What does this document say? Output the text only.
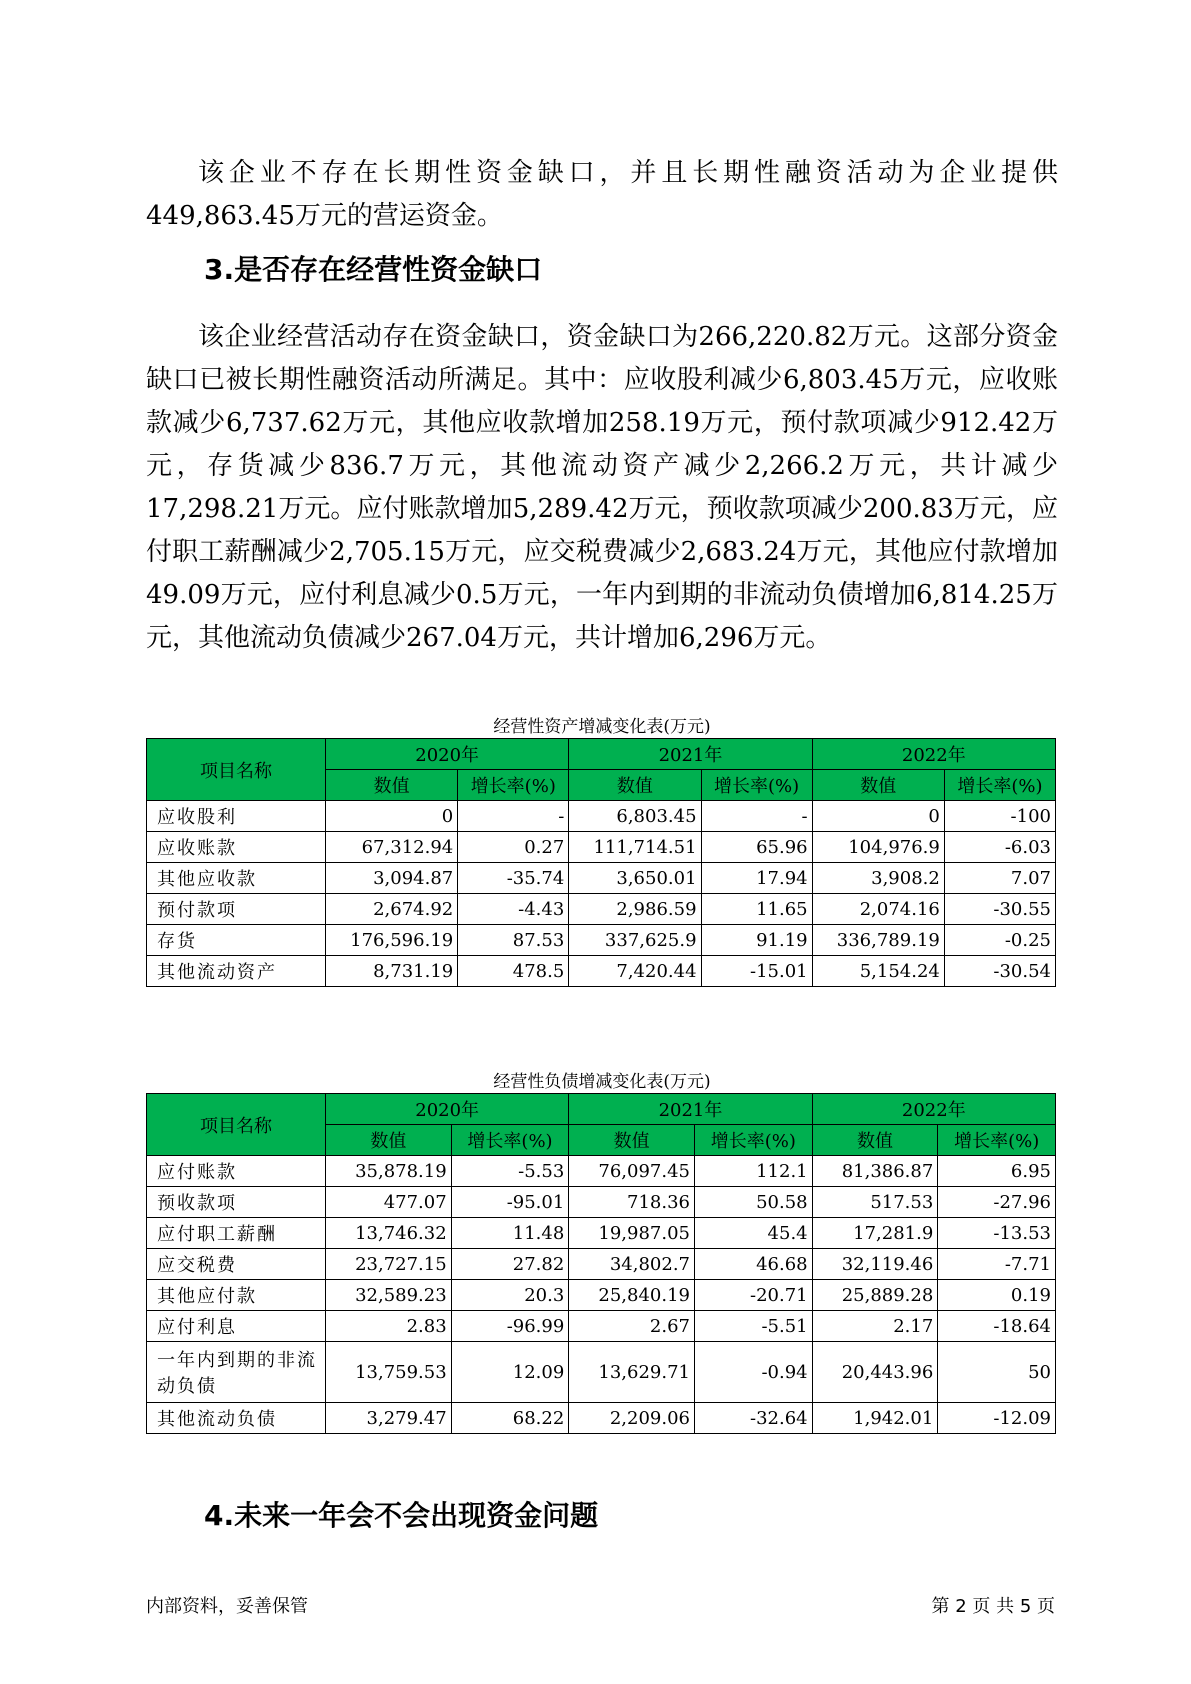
该企业不存在长期性资金缺口，并且长期性融资活动为企业提供449,863.45万元的营运资金。

3.是否存在经营性资金缺口

该企业经营活动存在资金缺口，资金缺口为266,220.82万元。这部分资金缺口已被长期性融资活动所满足。其中：应收股利减少6,803.45万元，应收账款减少6,737.62万元，其他应收款增加258.19万元，预付款项减少912.42万元，存货减少836.7万元，其他流动资产减少2,266.2万元，共计减少17,298.21万元。应付账款增加5,289.42万元，预收款项减少200.83万元，应付职工薪酬减少2,705.15万元，应交税费减少2,683.24万元，其他应付款增加49.09万元，应付利息减少0.5万元，一年内到期的非流动负债增加6,814.25万元，其他流动负债减少267.04万元，共计增加6,296万元。

经营性资产增减变化表(万元)

项目名称	2020年		2021年		2022年	
	数值	增长率(%)	数值	增长率(%)	数值	增长率(%)
应收股利	0	-	6,803.45	-	0	-100
应收账款	67,312.94	0.27	111,714.51	65.96	104,976.9	-6.03
其他应收款	3,094.87	-35.74	3,650.01	17.94	3,908.2	7.07
预付款项	2,674.92	-4.43	2,986.59	11.65	2,074.16	-30.55
存货	176,596.19	87.53	337,625.9	91.19	336,789.19	-0.25
其他流动资产	8,731.19	478.5	7,420.44	-15.01	5,154.24	-30.54

经营性负债增减变化表(万元)

项目名称	2020年		2021年		2022年	
	数值	增长率(%)	数值	增长率(%)	数值	增长率(%)
应付账款	35,878.19	-5.53	76,097.45	112.1	81,386.87	6.95
预收款项	477.07	-95.01	718.36	50.58	517.53	-27.96
应付职工薪酬	13,746.32	11.48	19,987.05	45.4	17,281.9	-13.53
应交税费	23,727.15	27.82	34,802.7	46.68	32,119.46	-7.71
其他应付款	32,589.23	20.3	25,840.19	-20.71	25,889.28	0.19
应付利息	2.83	-96.99	2.67	-5.51	2.17	-18.64
一年内到期的非流动负债	13,759.53	12.09	13,629.71	-0.94	20,443.96	50
其他流动负债	3,279.47	68.22	2,209.06	-32.64	1,942.01	-12.09
4.未来一年会不会出现资金问题
内部资料，妥善保管	第 2 页 共 5 页
